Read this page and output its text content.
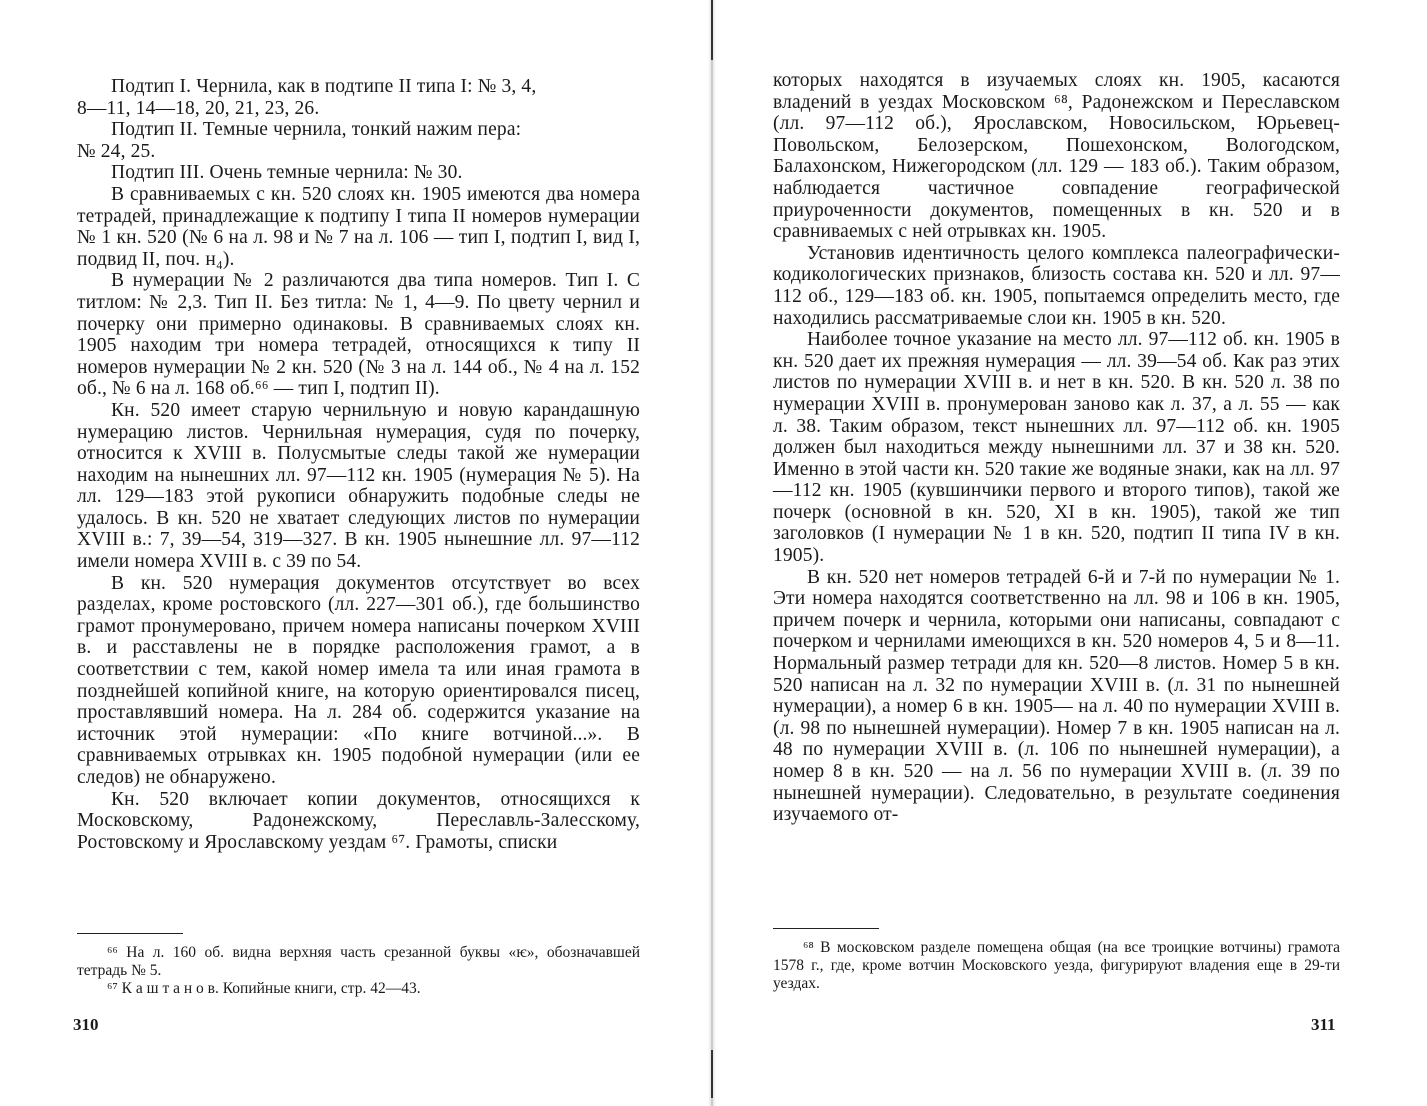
Подтип I. Чернила, как в подтипе II типа I: № 3, 4,
8—11, 14—18, 20, 21, 23, 26.

Подтип II. Темные чернила, тонкий нажим пера:
№ 24, 25.

Подтип III. Очень темные чернила: № 30.

В сравниваемых с кн. 520 слоях кн. 1905 имеются два номера тетрадей, принадлежащие к подтипу I типа II номеров нумерации № 1 кн. 520 (№ 6 на л. 98 и № 7 на л. 106 — тип I, подтип I, вид I, подвид II, поч. н₄).

В нумерации № 2 различаются два типа номеров. Тип I. С титлом: № 2,3. Тип II. Без титла: № 1, 4—9. По цвету чернил и почерку они примерно одинаковы. В сравниваемых слоях кн. 1905 находим три номера тетрадей, относящихся к типу II номеров нумерации № 2 кн. 520 (№ 3 на л. 144 об., № 4 на л. 152 об., № 6 на л. 168 об.⁶⁶ — тип I, подтип II).

Кн. 520 имеет старую чернильную и новую карандашную нумерацию листов. Чернильная нумерация, судя по почерку, относится к XVIII в. Полусмытые следы такой же нумерации находим на нынешних лл. 97—112 кн. 1905 (нумерация № 5). На лл. 129—183 этой рукописи обнаружить подобные следы не удалось. В кн. 520 не хватает следующих листов по нумерации XVIII в.: 7, 39—54, 319—327. В кн. 1905 нынешние лл. 97—112 имели номера XVIII в. с 39 по 54.

В кн. 520 нумерация документов отсутствует во всех разделах, кроме ростовского (лл. 227—301 об.), где большинство грамот пронумеровано, причем номера написаны почерком XVIII в. и расставлены не в порядке расположения грамот, а в соответствии с тем, какой номер имела та или иная грамота в позднейшей копийной книге, на которую ориентировался писец, проставлявший номера. На л. 284 об. содержится указание на источник этой нумерации: «По книге вотчиной...». В сравниваемых отрывках кн. 1905 подобной нумерации (или ее следов) не обнаружено.

Кн. 520 включает копии документов, относящихся к Московскому, Радонежскому, Переславль-Залесскому, Ростовскому и Ярославскому уездам ⁶⁷. Грамоты, списки

⁶⁶ На л. 160 об. видна верхняя часть срезанной буквы «ѥ», обозначавшей тетрадь № 5.

⁶⁷ К а ш т а н о в. Копийные книги, стр. 42—43.

310

которых находятся в изучаемых слоях кн. 1905, касаются владений в уездах Московском ⁶⁸, Радонежском и Переславском (лл. 97—112 об.), Ярославском, Новосильском, Юрьевец-Повольском, Белозерском, Пошехонском, Вологодском, Балахонском, Нижегородском (лл. 129 — 183 об.). Таким образом, наблюдается частичное совпадение географической приуроченности документов, помещенных в кн. 520 и в сравниваемых с ней отрывках кн. 1905.

Установив идентичность целого комплекса палеографически-кодикологических признаков, близость состава кн. 520 и лл. 97—112 об., 129—183 об. кн. 1905, попытаемся определить место, где находились рассматриваемые слои кн. 1905 в кн. 520.

Наиболее точное указание на место лл. 97—112 об. кн. 1905 в кн. 520 дает их прежняя нумерация — лл. 39—54 об. Как раз этих листов по нумерации XVIII в. и нет в кн. 520. В кн. 520 л. 38 по нумерации XVIII в. пронумерован заново как л. 37, а л. 55 — как л. 38. Таким образом, текст нынешних лл. 97—112 об. кн. 1905 должен был находиться между нынешними лл. 37 и 38 кн. 520. Именно в этой части кн. 520 такие же водяные знаки, как на лл. 97—112 кн. 1905 (кувшинчики первого и второго типов), такой же почерк (основной в кн. 520, XI в кн. 1905), такой же тип заголовков (I нумерации № 1 в кн. 520, подтип II типа IV в кн. 1905).

В кн. 520 нет номеров тетрадей 6-й и 7-й по нумерации № 1. Эти номера находятся соответственно на лл. 98 и 106 в кн. 1905, причем почерк и чернила, которыми они написаны, совпадают с почерком и чернилами имеющихся в кн. 520 номеров 4, 5 и 8—11. Нормальный размер тетради для кн. 520—8 листов. Номер 5 в кн. 520 написан на л. 32 по нумерации XVIII в. (л. 31 по нынешней нумерации), а номер 6 в кн. 1905— на л. 40 по нумерации XVIII в. (л. 98 по нынешней нумерации). Номер 7 в кн. 1905 написан на л. 48 по нумерации XVIII в. (л. 106 по нынешней нумерации), а номер 8 в кн. 520 — на л. 56 по нумерации XVIII в. (л. 39 по нынешней нумерации). Следовательно, в результате соединения изучаемого от-

⁶⁸ В московском разделе помещена общая (на все троицкие вотчины) грамота 1578 г., где, кроме вотчин Московского уезда, фигурируют владения еще в 29-ти уездах.

311
